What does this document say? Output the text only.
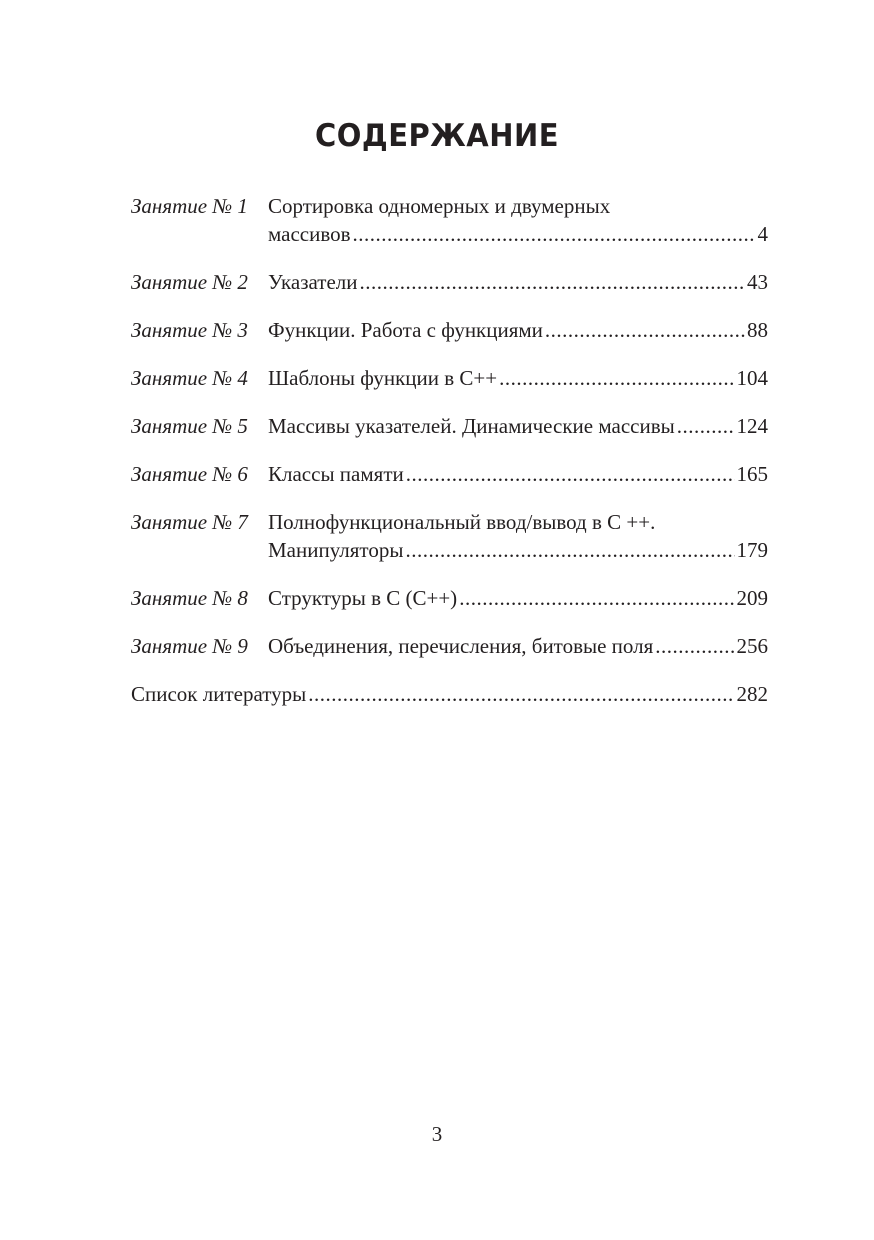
СОДЕРЖАНИЕ
Занятие № 1 Сортировка одномерных и двумерных
массивов .....	4
Занятие № 2 Указатели .....	43
Занятие № 3 Функции. Работа с функциями .....	88
Занятие № 4 Шаблоны функции в С++ .....	104
Занятие № 5 Массивы указателей. Динамические массивы .....	124
Занятие № 6 Классы памяти .....	165
Занятие № 7 Полнофункциональный ввод/вывод в С ++.
Манипуляторы .....	179
Занятие № 8 Структуры в С (С++) .....	209
Занятие № 9 Объединения, перечисления, битовые поля .....	256
Список литературы .....	282
3
